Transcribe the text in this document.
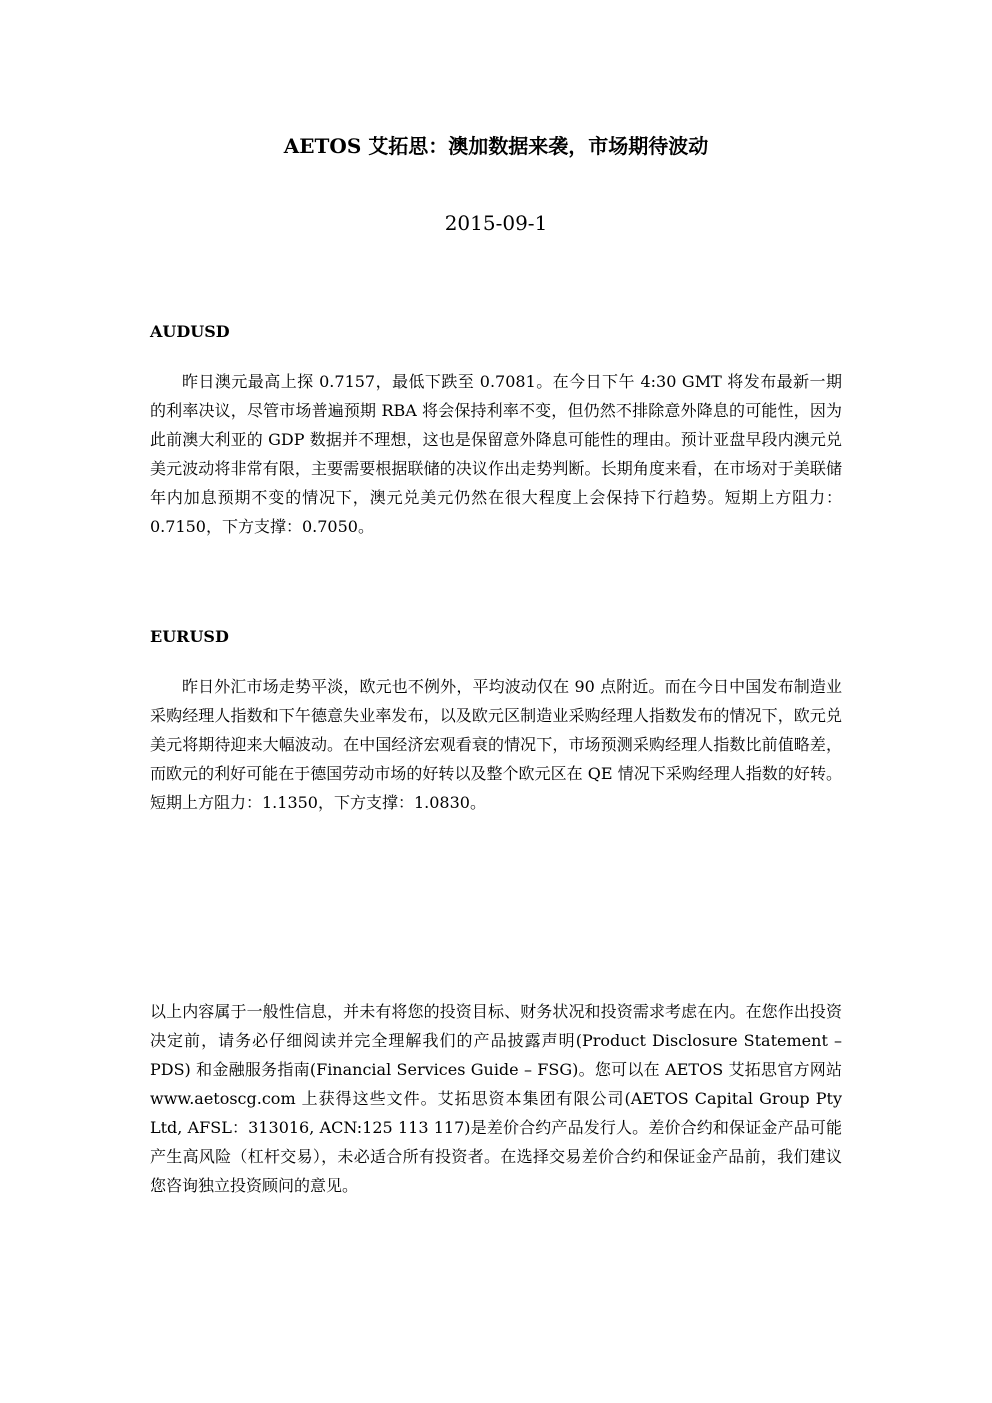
AETOS 艾拓思：澳加数据来袭，市场期待波动
2015-09-1
AUDUSD
昨日澳元最高上探 0.7157，最低下跌至 0.7081。在今日下午 4:30 GMT 将发布最新一期的利率决议，尽管市场普遍预期 RBA 将会保持利率不变，但仍然不排除意外降息的可能性，因为此前澳大利亚的 GDP 数据并不理想，这也是保留意外降息可能性的理由。预计亚盘早段内澳元兑美元波动将非常有限，主要需要根据联储的决议作出走势判断。长期角度来看，在市场对于美联储年内加息预期不变的情况下，澳元兑美元仍然在很大程度上会保持下行趋势。短期上方阻力：0.7150，下方支撑：0.7050。
EURUSD
昨日外汇市场走势平淡，欧元也不例外，平均波动仅在 90 点附近。而在今日中国发布制造业采购经理人指数和下午德意失业率发布，以及欧元区制造业采购经理人指数发布的情况下，欧元兑美元将期待迎来大幅波动。在中国经济宏观看衰的情况下，市场预测采购经理人指数比前值略差，而欧元的利好可能在于德国劳动市场的好转以及整个欧元区在 QE 情况下采购经理人指数的好转。短期上方阻力：1.1350，下方支撑：1.0830。
以上内容属于一般性信息，并未有将您的投资目标、财务状况和投资需求考虑在内。在您作出投资决定前，请务必仔细阅读并完全理解我们的产品披露声明(Product Disclosure Statement – PDS) 和金融服务指南(Financial Services Guide – FSG)。您可以在 AETOS 艾拓思官方网站 www.aetoscg.com 上获得这些文件。艾拓思资本集团有限公司(AETOS Capital Group Pty Ltd, AFSL：313016, ACN:125 113 117)是差价合约产品发行人。差价合约和保证金产品可能产生高风险（杠杆交易），未必适合所有投资者。在选择交易差价合约和保证金产品前，我们建议您咨询独立投资顾问的意见。
